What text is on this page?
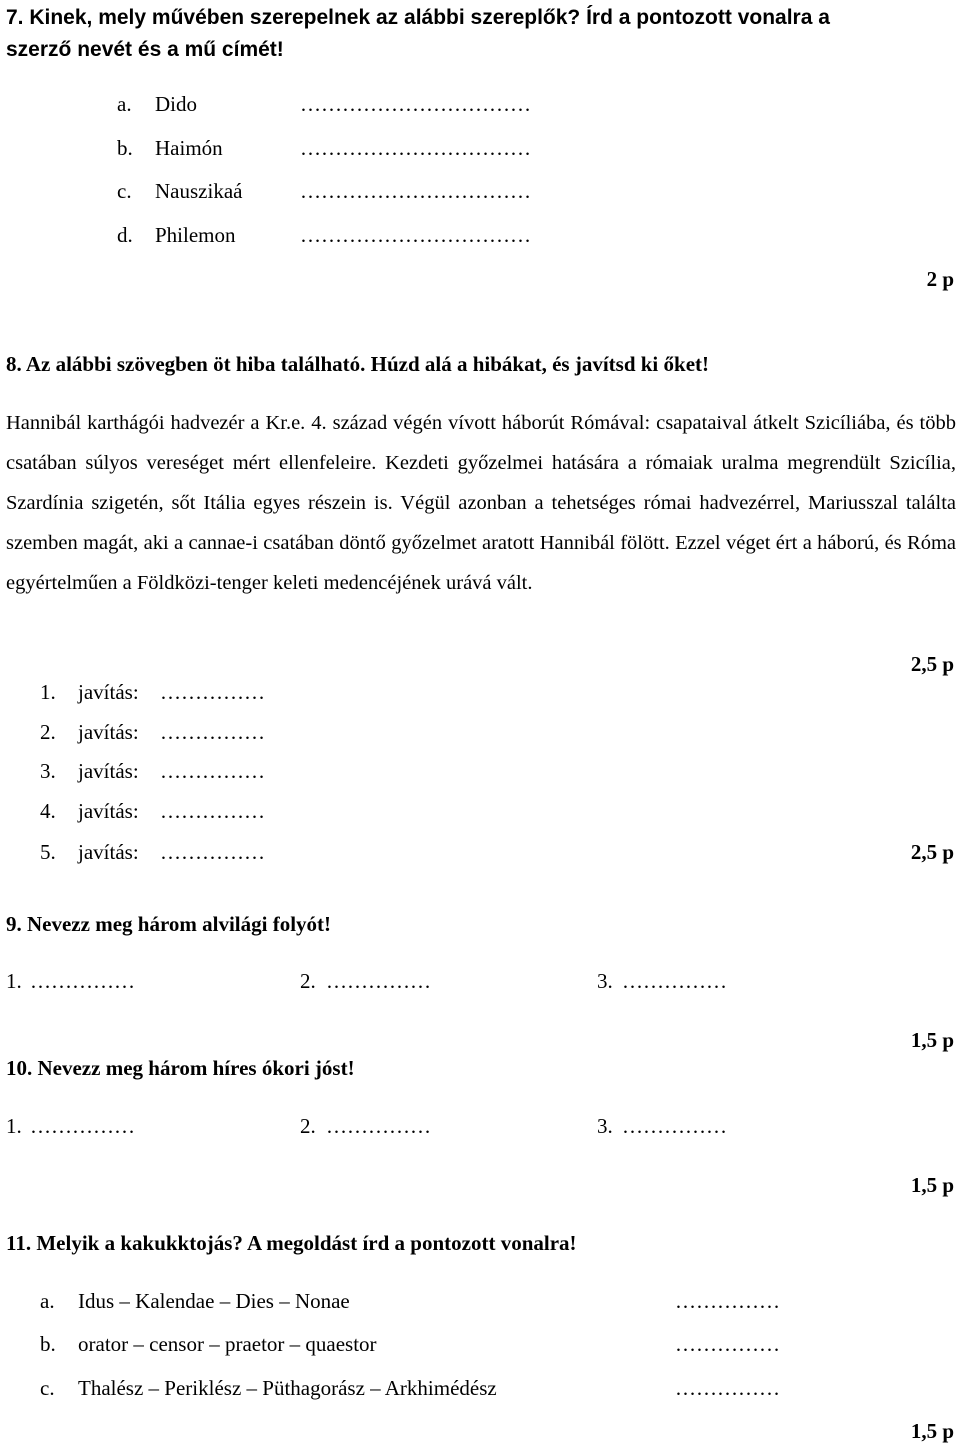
7. Kinek, mely művében szerepelnek az alábbi szereplők? Írd a pontozott vonalra a
szerző nevét és a mű címét!
a. Dido	……………………………
b. Haimón	……………………………
c. Nauszikaá	……………………………
d. Philemon	……………………………
2 p
8. Az alábbi szövegben öt hiba található. Húzd alá a hibákat, és javítsd ki őket!
Hannibál karthágói hadvezér a Kr.e. 4. század végén vívott háborút Rómával: csapataival átkelt Szicíliába, és több csatában súlyos vereséget mért ellenfeleire. Kezdeti győzelmei hatására a rómaiak uralma megrendült Szicília, Szardínia szigetén, sőt Itália egyes részein is. Végül azonban a tehetséges római hadvezérrel, Mariusszal találta szemben magát, aki a cannae-i csatában döntő győzelmet aratott Hannibál fölött. Ezzel véget ért a háború, és Róma egyértelműen a Földközi-tenger keleti medencéjének urává vált.
2,5 p
1. javítás: ……………
2. javítás: ……………
3. javítás: ……………
4. javítás: ……………
5. javítás: ……………	2,5 p
9. Nevezz meg három alvilági folyót!
1. ……………	2. ……………	3. ……………
1,5 p
10. Nevezz meg három híres ókori jóst!
1. ……………	2. ……………	3. ……………
1,5 p
11. Melyik a kakukktojás? A megoldást írd a pontozott vonalra!
a. Idus – Kalendae – Dies – Nonae	……………
b. orator – censor – praetor – quaestor	……………
c. Thalész – Periklész – Püthagorász – Arkhimédész	……………
1,5 p
